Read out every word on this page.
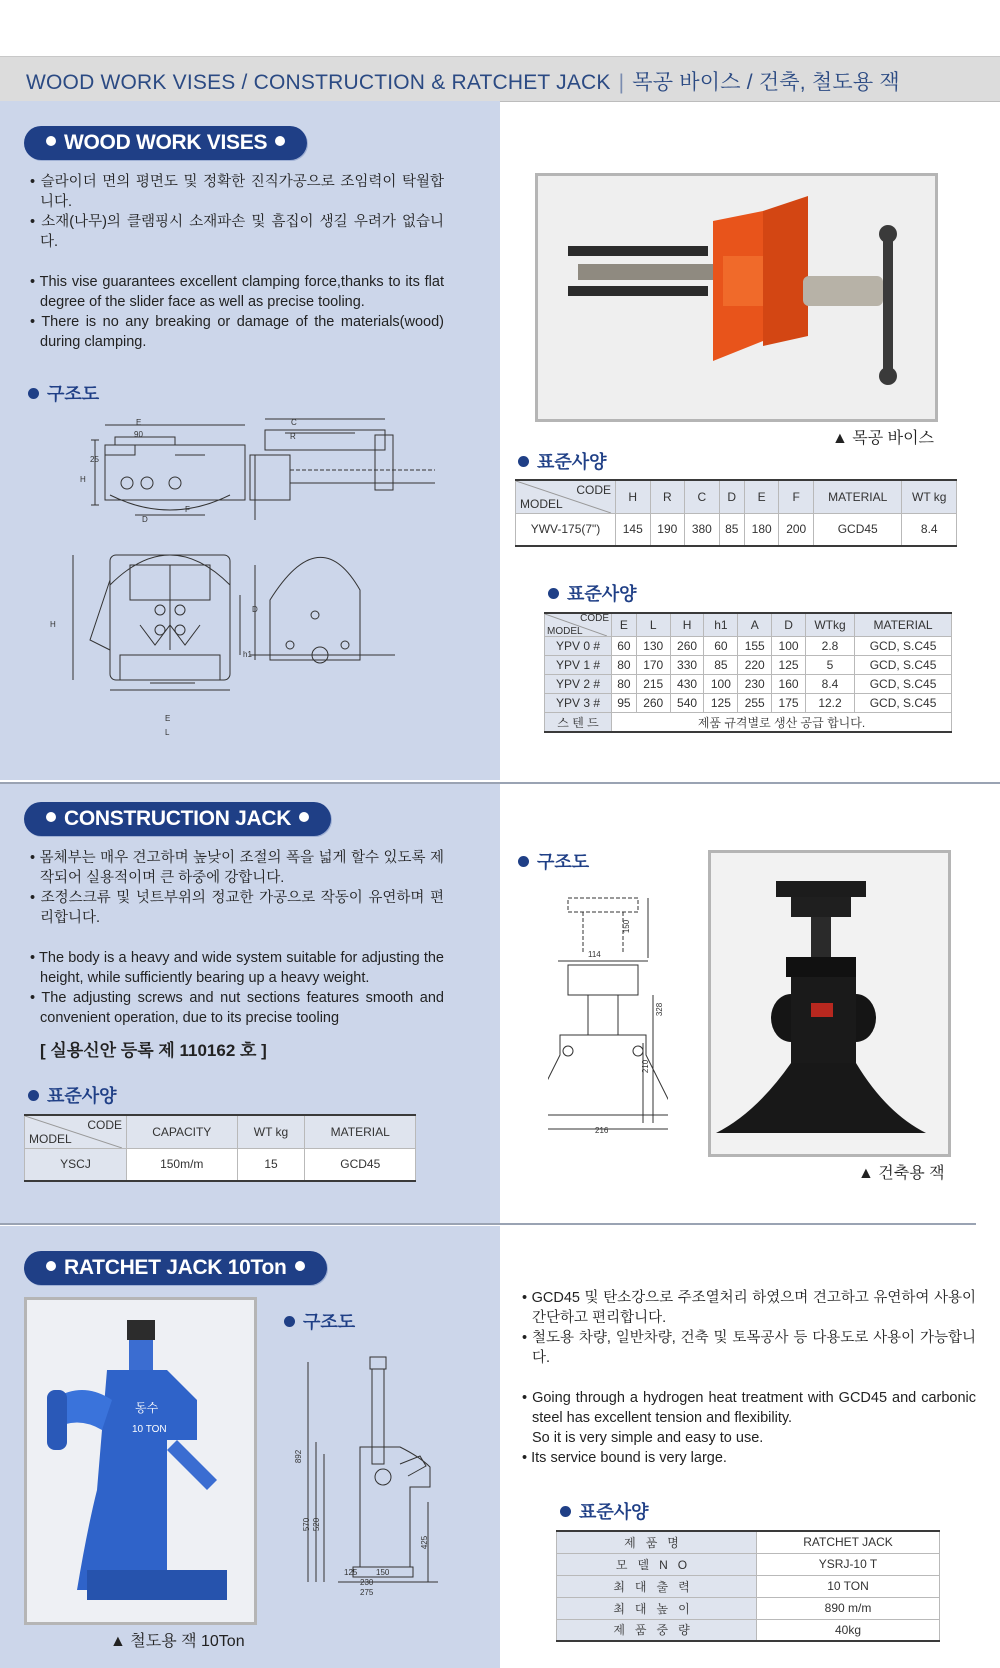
WOOD WORK VISES / CONSTRUCTION & RATCHET JACK | 목공 바이스 / 건축, 철도용 잭
WOOD WORK VISES
• 슬라이더 면의 평면도 및 정확한 진직가공으로 조임력이 탁월합니다.
• 소재(나무)의 클램핑시 소재파손 및 흠집이 생길 우려가 없습니다.
• This vise guarantees excellent clamping force,thanks to its flat degree of the slider face as well as precise tooling.
• There is no any breaking or damage of the materials(wood) during clamping.
구조도
E
90
C
R
H
D
F
25
E
L
h1
D
H
▲ 목공 바이스
표준사양
CODE
MODEL	H	R	C	D	E	F	MATERIAL	WT kg
YWV-175(7")	145	190	380	85	180	200	GCD45	8.4
표준사양
CODE
MODEL	E	L	H	h1	A	D	WTkg	MATERIAL
YPV 0 #	60	130	260	60	155	100	2.8	GCD, S.C45
YPV 1 #	80	170	330	85	220	125	5	GCD, S.C45
YPV 2 #	80	215	430	100	230	160	8.4	GCD, S.C45
YPV 3 #	95	260	540	125	255	175	12.2	GCD, S.C45
스 텐 드	제품 규격별로 생산 공급 합니다.							
CONSTRUCTION JACK
• 몸체부는 매우 견고하며 높낮이 조절의 폭을 넓게 할수 있도록 제작되어 실용적이며 큰 하중에 강합니다.
• 조정스크류 및 넛트부위의 정교한 가공으로 작동이 유연하며 편리합니다.
• The body is a heavy and wide system suitable for adjusting the height, while sufficiently bearing up a heavy weight.
• The adjusting screws and nut sections features smooth and convenient operation, due to its precise tooling
[ 실용신안 등록 제 110162 호 ]
표준사양
CODE
MODEL	CAPACITY	WT kg	MATERIAL
YSCJ	150m/m	15	GCD45
구조도
150
114
328
210
216
▲ 건축용 잭
RATCHET JACK 10Ton
동수
10 TON
▲ 철도용 잭 10Ton
구조도
892
570 520
425
125 150
230
275
• GCD45 및 탄소강으로 주조열처리 하였으며 견고하고 유연하여 사용이 간단하고 편리합니다.
• 철도용 차량, 일반차량, 건축 및 토목공사 등 다용도로 사용이 가능합니다.
• Going through a hydrogen heat treatment with GCD45 and carbonic steel has excellent tension and flexibility.
So it is very simple and easy to use.
• Its service bound is very large.
표준사양
제품명	RATCHET JACK
모델NO	YSRJ-10 T
최대출력	10 TON
최대높이	890 m/m
제품중량	40kg
